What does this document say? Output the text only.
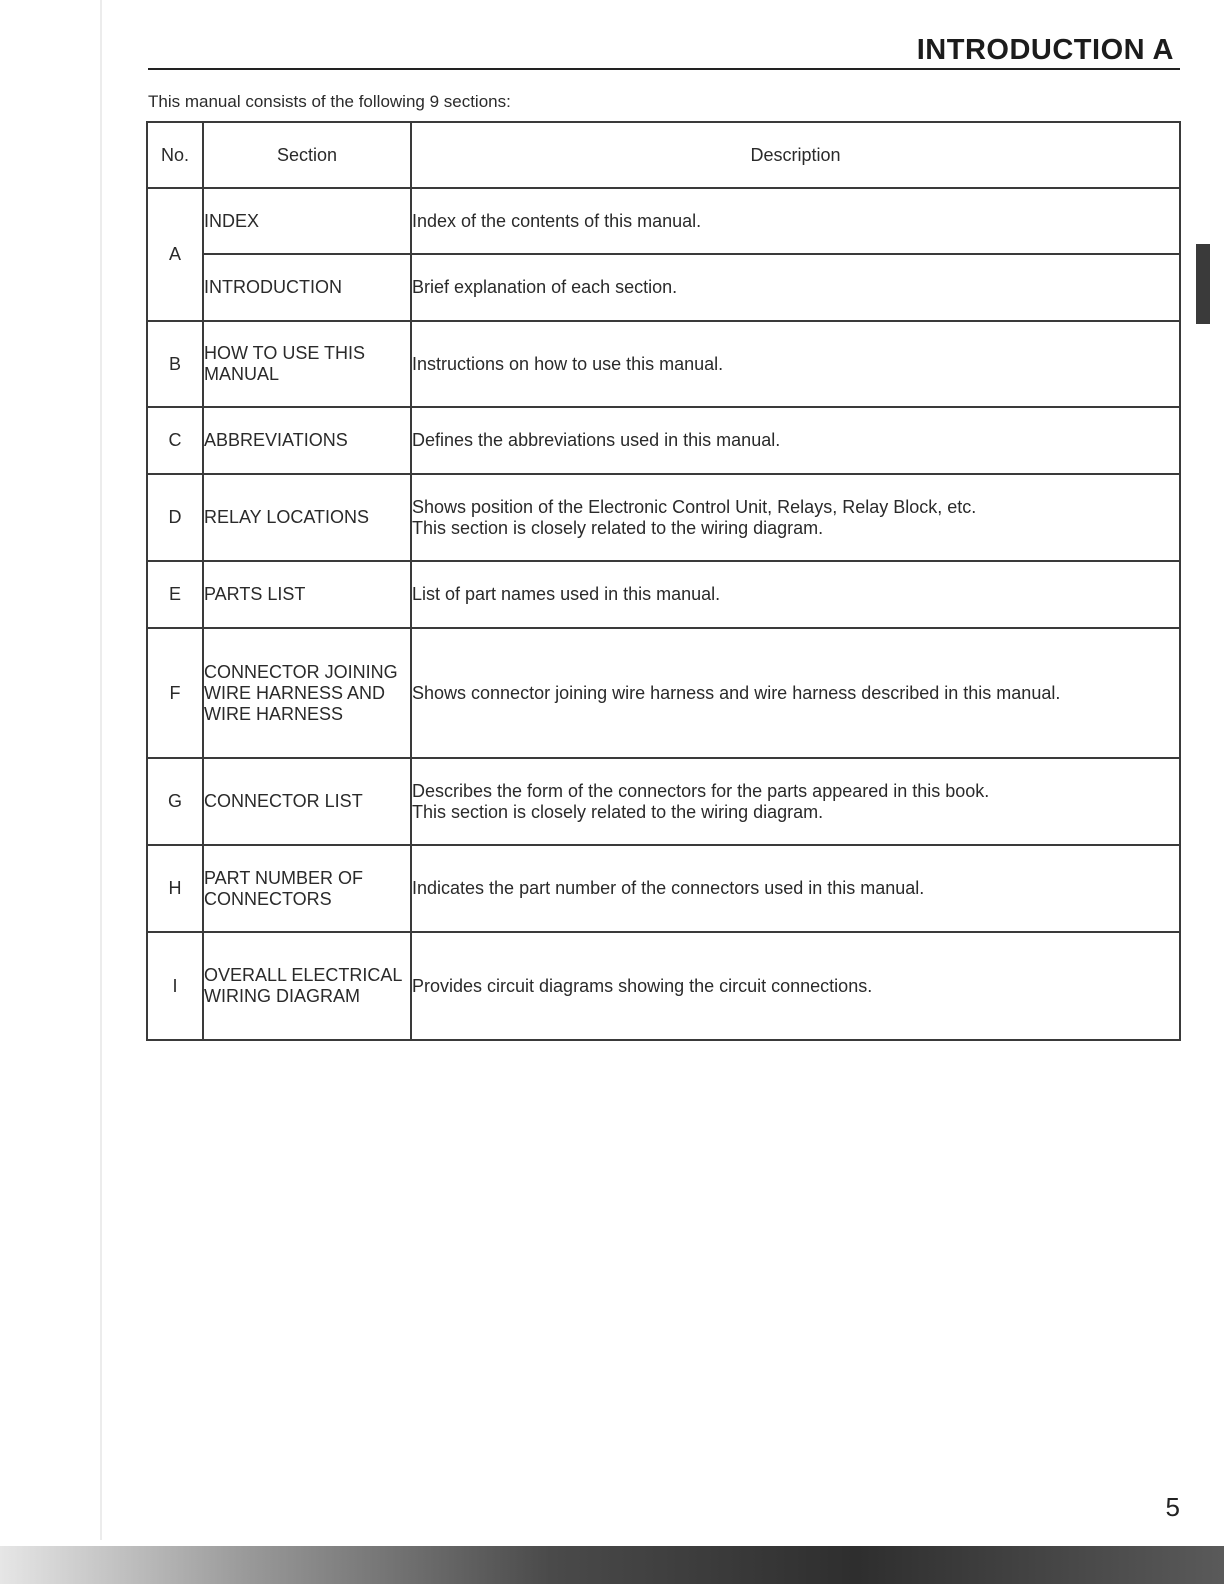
INTRODUCTION A
This manual consists of the following 9 sections:
No.	Section	Description
A	INDEX	Index of the contents of this manual.

	INTRODUCTION	Brief explanation of each section.

B	HOW TO USE THIS MANUAL	Instructions on how to use this manual.

C	ABBREVIATIONS	Defines the abbreviations used in this manual.

D	RELAY LOCATIONS	Shows position of the Electronic Control Unit, Relays, Relay Block, etc.
This section is closely related to the wiring diagram.

E	PARTS LIST	List of part names used in this manual.

F	CONNECTOR JOINING WIRE HARNESS AND WIRE HARNESS	Shows connector joining wire harness and wire harness described in this manual.

G	CONNECTOR LIST	Describes the form of the connectors for the parts appeared in this book.
This section is closely related to the wiring diagram.

H	PART NUMBER OF CONNECTORS	Indicates the part number of the connectors used in this manual.

I	OVERALL ELECTRICAL WIRING DIAGRAM	Provides circuit diagrams showing the circuit connections.
5
